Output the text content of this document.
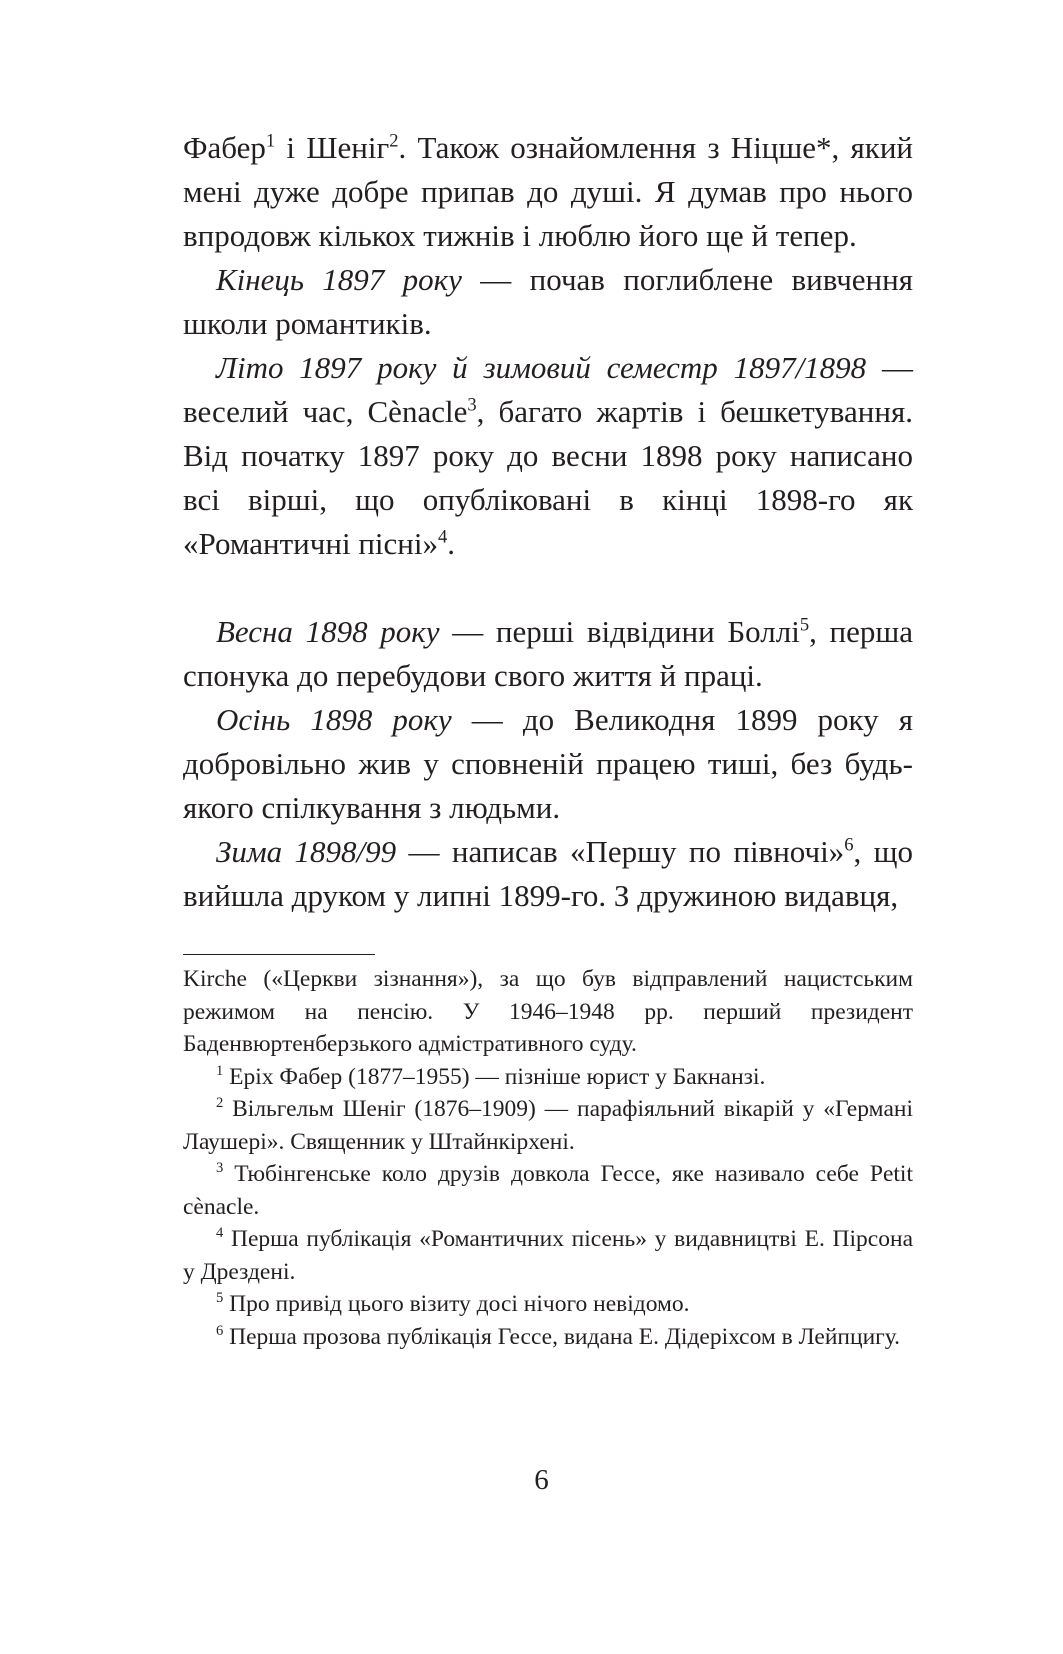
Фабер$^1$ і Шеніг$^2$. Також ознайомлення з Ніцше*, який мені дуже добре припав до душі. Я думав про нього впродовж кількох тижнів і люблю його ще й тепер.

Кінець 1897 року — почав поглиблене вивчення школи романтиків.

Літо 1897 року й зимовий семестр 1897/1898 — веселий час, Cènacle$^3$, багато жартів і бешкетування. Від початку 1897 року до весни 1898 року написано всі вірші, що опубліковані в кінці 1898-го як «Романтичні пісні»$^4$.

Весна 1898 року — перші відвідини Боллі$^5$, перша спонука до перебудови свого життя й праці.

Осінь 1898 року — до Великодня 1899 року я добровільно жив у сповненій працею тиші, без будь-якого спілкування з людьми.

Зима 1898/99 — написав «Першу по півночі»$^6$, що вийшла друком у липні 1899-го. З дружиною видавця,

Kirche («Церкви зізнання»), за що був відправлений нацистським режимом на пенсію. У 1946–1948 рр. перший президент Баденвюртенберзького адмістративного суду.

$^1$ Еріх Фабер (1877–1955) — пізніше юрист у Бакнанзі.

$^2$ Вільгельм Шеніг (1876–1909) — парафіяльний вікарій у «Гермaні Лаушері». Священник у Штайнкірхені.

$^3$ Тюбінгенське коло друзів довкола Гессе, яке називало себе Petit cènacle.

$^4$ Перша публікація «Романтичних пісень» у видавництві Е. Пірсона у Дрездені.

$^5$ Про привід цього візиту досі нічого невідомо.

$^6$ Перша прозова публікація Гессе, видана Е. Дідеріхсом в Лейпцигу.

6
